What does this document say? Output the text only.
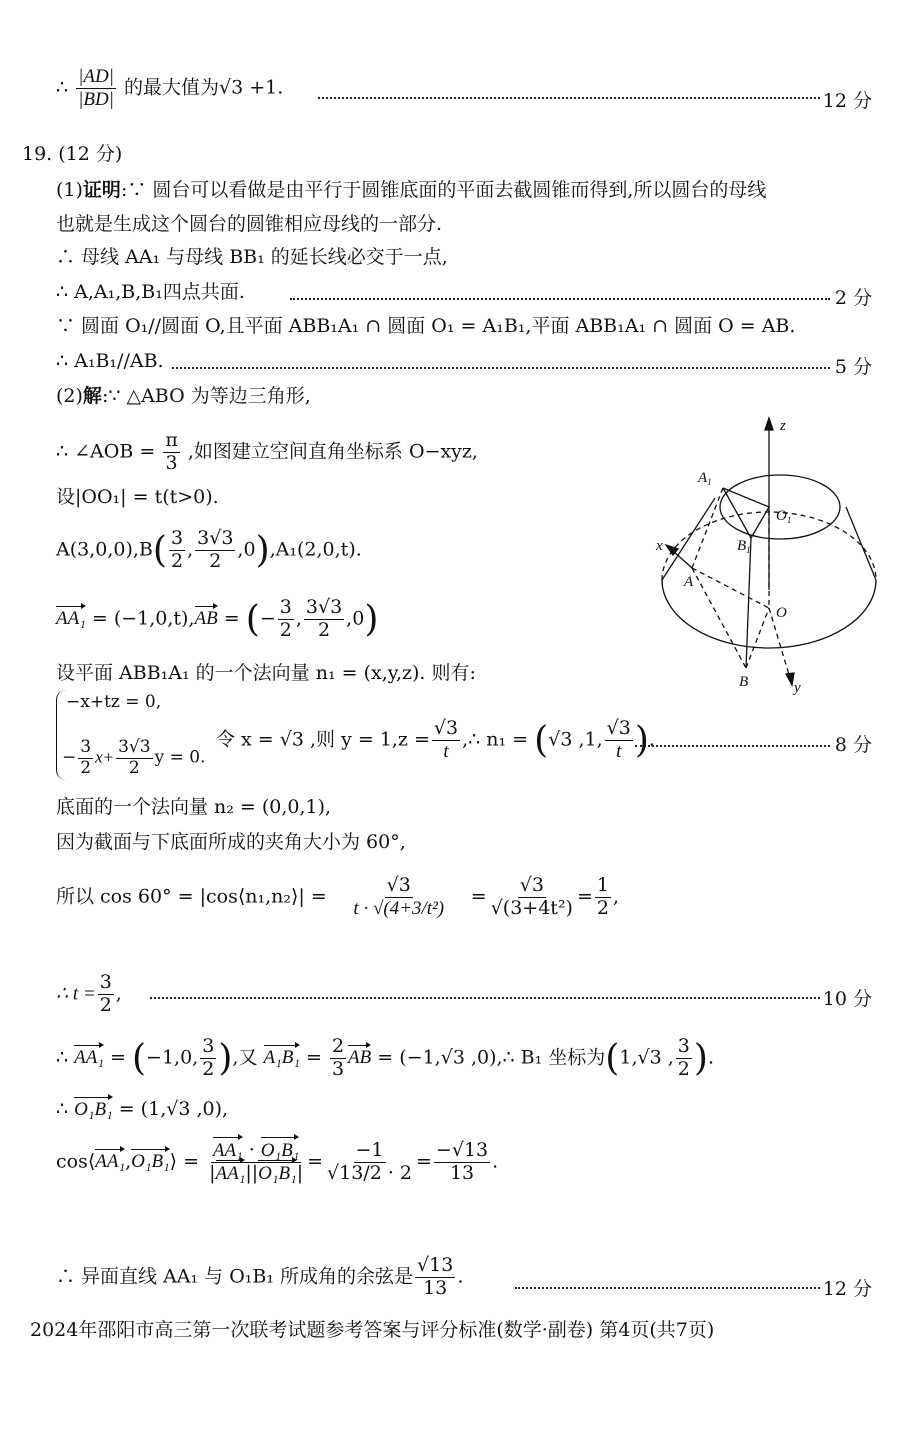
∴ $\frac{|AD|}{|BD|}$ 的最大值为√3 +1.
12 分
19. (12 分)
(1)证明:∵ 圆台可以看做是由平行于圆锥底面的平面去截圆锥而得到,所以圆台的母线
也就是生成这个圆台的圆锥相应母线的一部分.
∴ 母线 AA₁ 与母线 BB₁ 的延长线必交于一点,
∴ A,A₁,B,B₁四点共面.	2 分
∵ 圆面 O₁//圆面 O,且平面 ABB₁A₁ ∩ 圆面 O₁ = A₁B₁,平面 ABB₁A₁ ∩ 圆面 O = AB.
∴ A₁B₁//AB.	5 分
(2)解:∵ △ABO 为等边三角形,
∴ ∠AOB = $\frac{\pi}{3}$ ,如图建立空间直角坐标系 O−xyz,
设|OO₁| = t(t>0).
$A(3,0,0),B( \frac{3}{2}$ , $\frac{3√3}{2} ,0),A_1(2,0,t)$.
AA₁ = (−1,0,t),AB = (− $\frac{3}{2}$ , $\frac{3√3}{2} ,0$)
设平面 ABB₁A₁ 的一个法向量 n₁ = (x,y,z). 则有:
−x+tz = 0,
− $\frac{3}{2} x+ \frac{3√3}{2}$ y = 0.
令 x = √3 ,则 $y = 1,z = \frac{√3}{t}$ ,∴ n₁ = (√3 ,1, $\frac{√3}{t}$ ).	8 分
底面的一个法向量 n₂ = (0,0,1),
因为截面与下底面所成的夹角大小为 60°,
所以 cos 60° = |cos⟨n₁,n₂⟩| = $\frac{√3}{\text{t · √(4+3/t²)}} = \frac{√3}{\text{√(3+4t²)}} = \frac{1}{2}$ ,
∴ $t = \frac{3}{2}$ ,	10 分
∴ AA₁ = (−1,0, $\frac{3}{2}$ ),又 $A_1B_1 = \frac{2}{3}$ AB = (−1,√3 ,0),∴ B₁ 坐标为(1,√3 , $\frac{3}{2}$ ).
∴ O₁B₁ = (1,√3 ,0),
cos⟨AA₁,O₁B₁⟩ = $\frac{\text{AA₁ · O₁B₁}}{\text{|AA₁||O₁B₁|}} = \frac{-1}{√13/2 \cdot 2} = \frac{-√13}{13}$ .
∴ 异面直线 AA₁ 与 O₁B₁ 所成角的余弦是 $\frac{√13}{13}$ .
12 分
2024年邵阳市高三第一次联考试题参考答案与评分标准(数学·副卷) 第4页(共7页)
z
$A_1$
$O_1$
$B_1$
x
A
O
B	y
